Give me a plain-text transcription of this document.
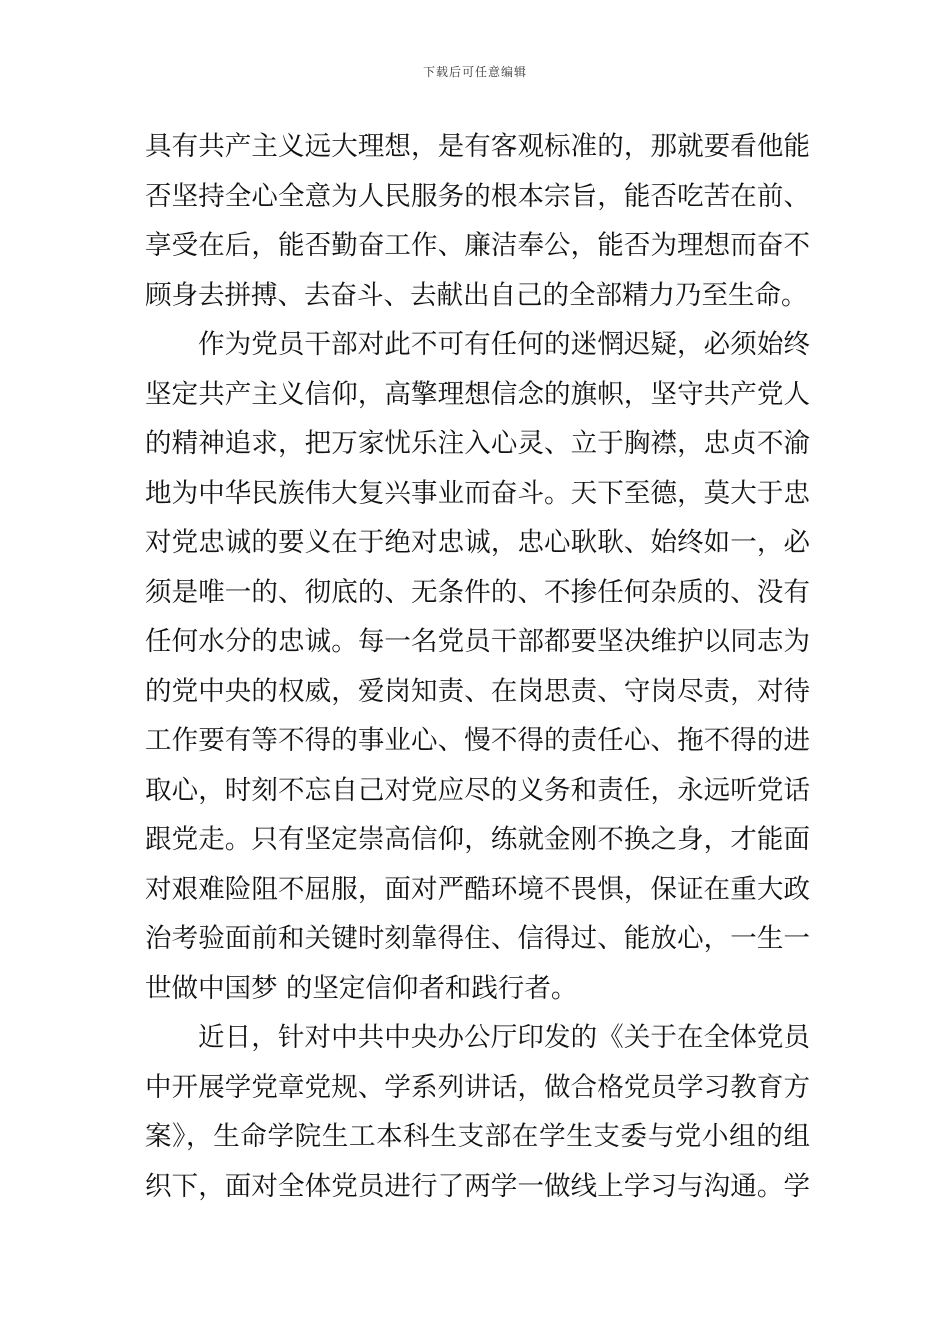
下载后可任意编辑
具有共产主义远大理想，是有客观标准的，那就要看他能
否坚持全心全意为人民服务的根本宗旨，能否吃苦在前、
享受在后，能否勤奋工作、廉洁奉公，能否为理想而奋不
顾身去拼搏、去奋斗、去献出自己的全部精力乃至生命。
作为党员干部对此不可有任何的迷惘迟疑，必须始终
坚定共产主义信仰，高擎理想信念的旗帜，坚守共产党人
的精神追求，把万家忧乐注入心灵、立于胸襟，忠贞不渝
地为中华民族伟大复兴事业而奋斗。天下至德，莫大于忠
对党忠诚的要义在于绝对忠诚，忠心耿耿、始终如一，必
须是唯一的、彻底的、无条件的、不掺任何杂质的、没有
任何水分的忠诚。每一名党员干部都要坚决维护以同志为
的党中央的权威，爱岗知责、在岗思责、守岗尽责，对待
工作要有等不得的事业心、慢不得的责任心、拖不得的进
取心，时刻不忘自己对党应尽的义务和责任，永远听党话
跟党走。只有坚定崇高信仰，练就金刚不换之身，才能面
对艰难险阻不屈服，面对严酷环境不畏惧，保证在重大政
治考验面前和关键时刻靠得住、信得过、能放心，一生一
世做中国梦 的坚定信仰者和践行者。
近日，针对中共中央办公厅印发的《关于在全体党员
中开展学党章党规、学系列讲话，做合格党员学习教育方
案》，生命学院生工本科生支部在学生支委与党小组的组
织下，面对全体党员进行了两学一做线上学习与沟通。学
